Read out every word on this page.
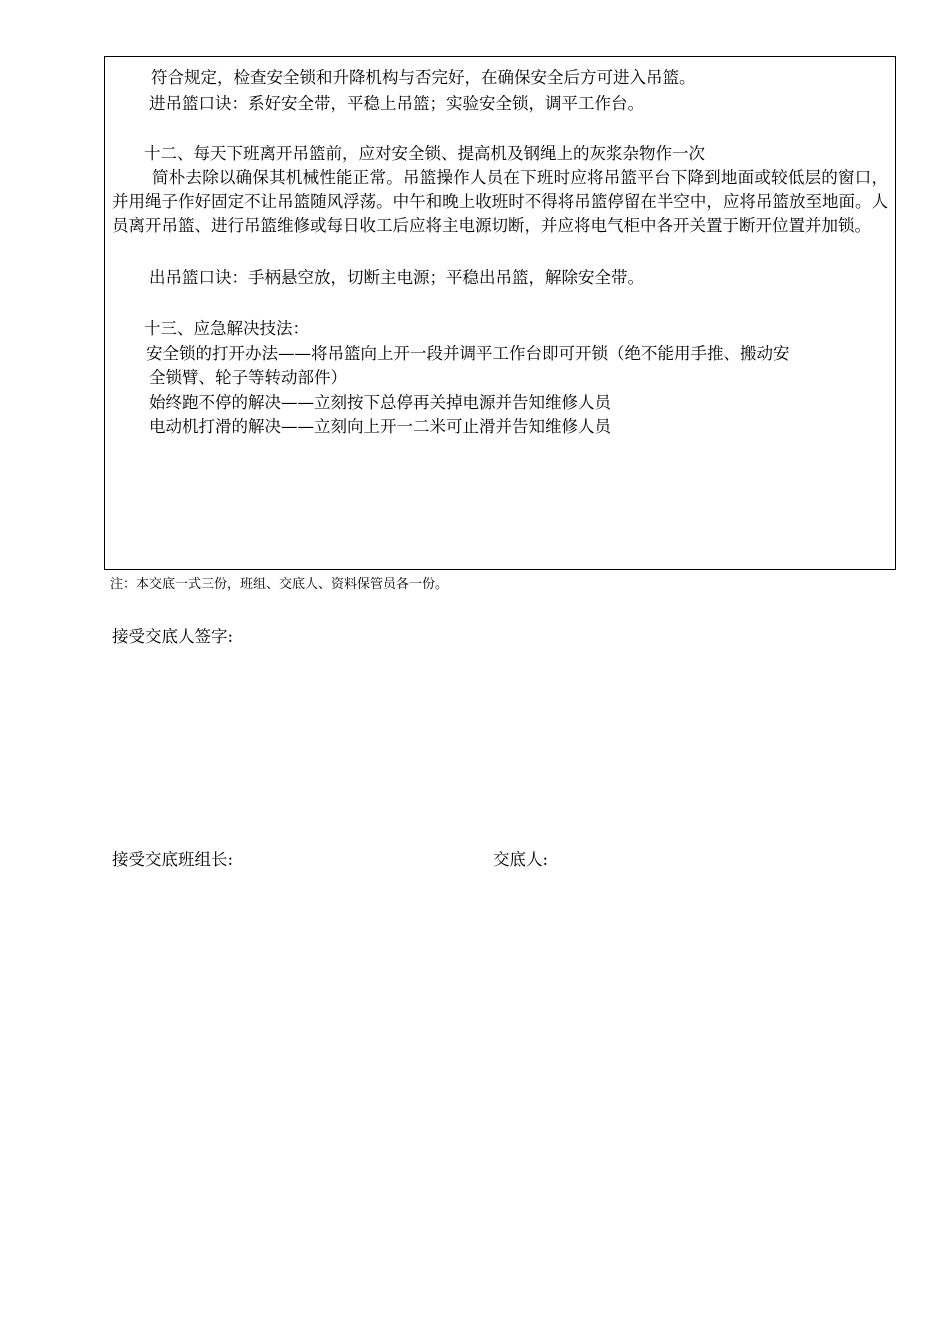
符合规定，检查安全锁和升降机构与否完好，在确保安全后方可进入吊篮。
进吊篮口诀：系好安全带，平稳上吊篮；实验安全锁，调平工作台。
十二、每天下班离开吊篮前，应对安全锁、提高机及钢绳上的灰浆杂物作一次
简朴去除以确保其机械性能正常。吊篮操作人员在下班时应将吊篮平台下降到地面或较低层的窗口，并用绳子作好固定不让吊篮随风浮荡。中午和晚上收班时不得将吊篮停留在半空中，应将吊篮放至地面。人员离开吊篮、进行吊篮维修或每日收工后应将主电源切断，并应将电气柜中各开关置于断开位置并加锁。
出吊篮口诀：手柄悬空放，切断主电源；平稳出吊篮，解除安全带。
十三、应急解决技法：
安全锁的打开办法——将吊篮向上开一段并调平工作台即可开锁（绝不能用手推、搬动安
全锁臂、轮子等转动部件）
始终跑不停的解决——立刻按下总停再关掉电源并告知维修人员
电动机打滑的解决——立刻向上开一二米可止滑并告知维修人员
注：本交底一式三份，班组、交底人、资料保管员各一份。
接受交底人签字:
接受交底班组长:	交底人:
